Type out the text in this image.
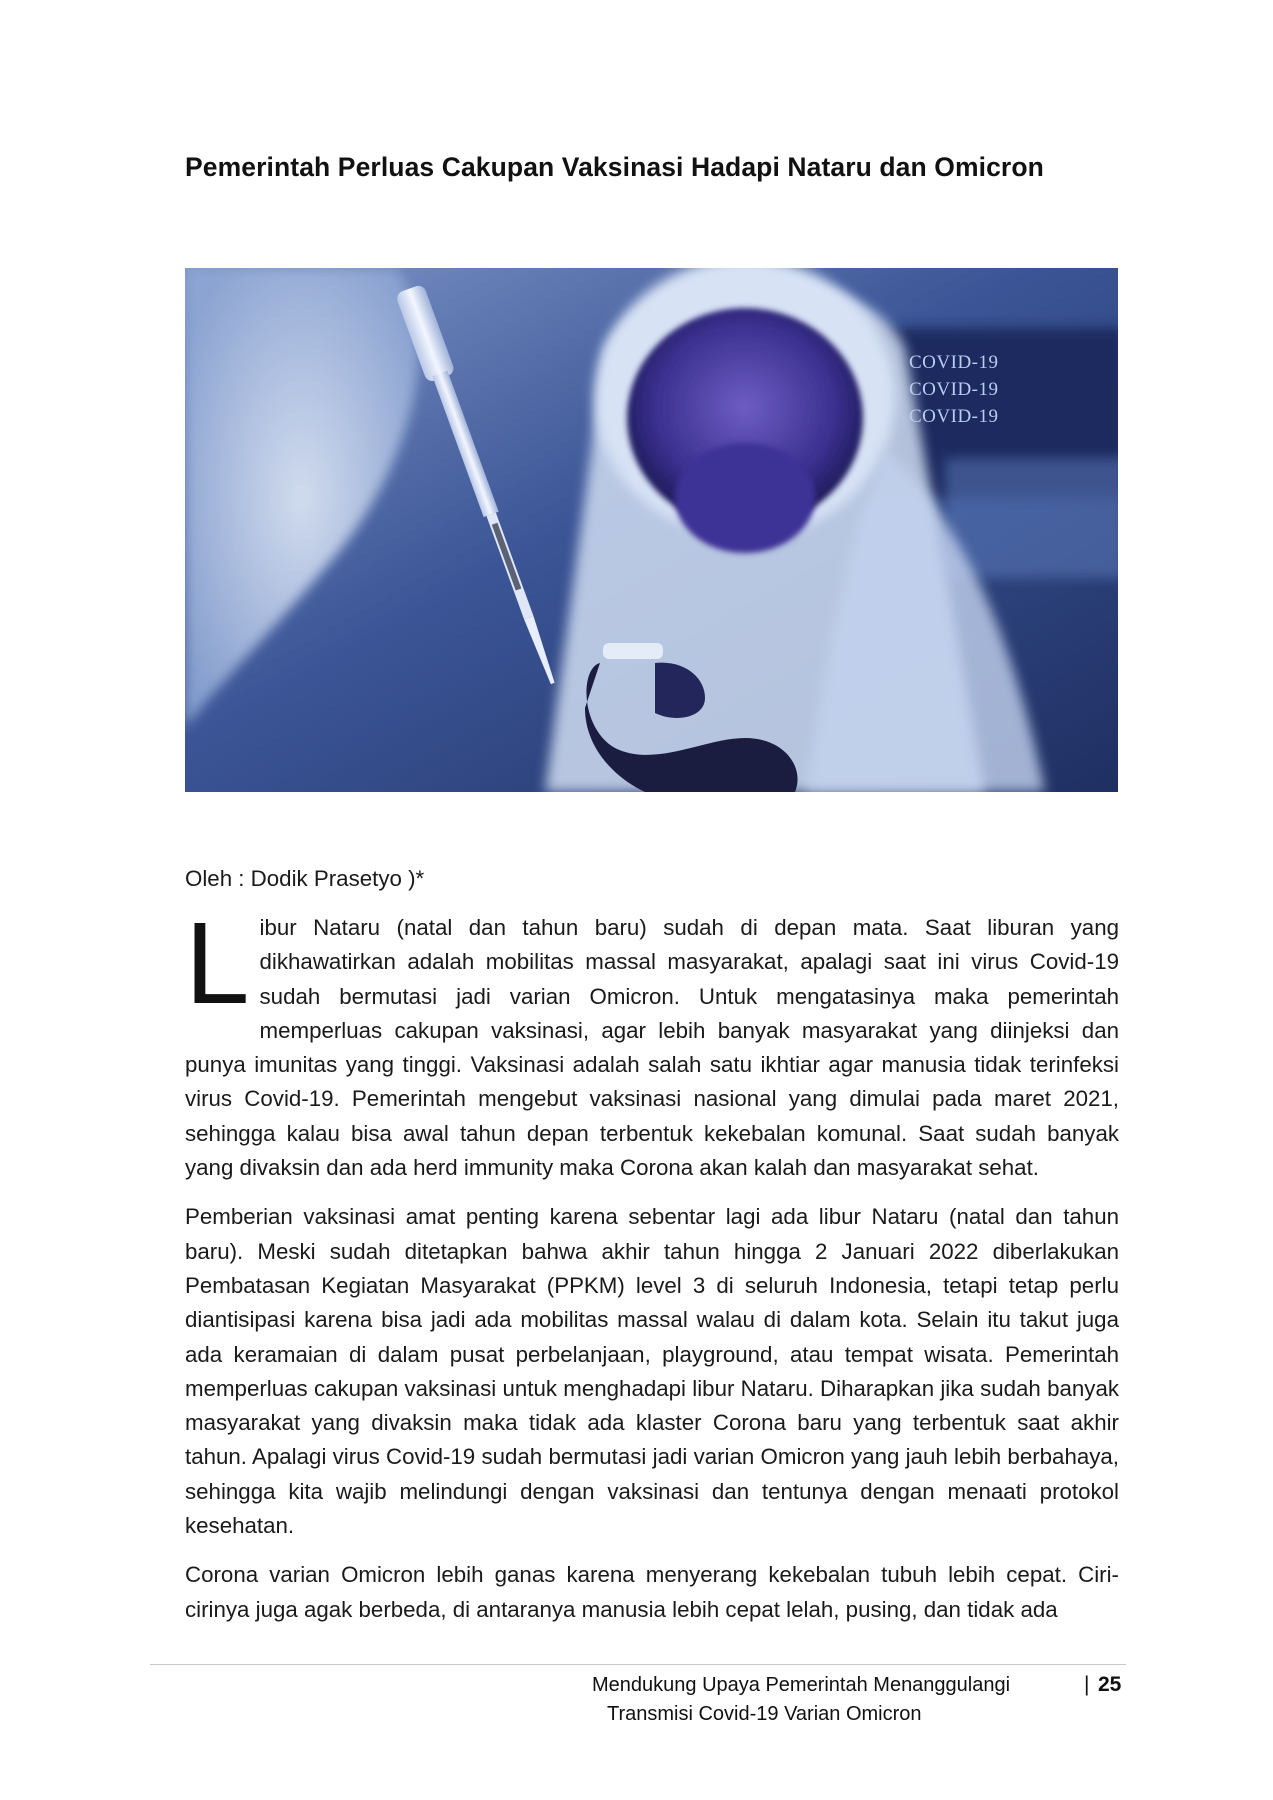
Pemerintah Perluas Cakupan Vaksinasi Hadapi Nataru dan Omicron
COVID-19
COVID-19
COVID-19
Oleh : Dodik Prasetyo )*

Libur Nataru (natal dan tahun baru) sudah di depan mata. Saat liburan yang dikhawatirkan adalah mobilitas massal masyarakat, apalagi saat ini virus Covid-19 sudah bermutasi jadi varian Omicron. Untuk mengatasinya maka pemerintah memperluas cakupan vaksinasi, agar lebih banyak masyarakat yang diinjeksi dan punya imunitas yang tinggi. Vaksinasi adalah salah satu ikhtiar agar manusia tidak terinfeksi virus Covid-19. Pemerintah mengebut vaksinasi nasional yang dimulai pada maret 2021, sehingga kalau bisa awal tahun depan terbentuk kekebalan komunal. Saat sudah banyak yang divaksin dan ada herd immunity maka Corona akan kalah dan masyarakat sehat.

Pemberian vaksinasi amat penting karena sebentar lagi ada libur Nataru (natal dan tahun baru). Meski sudah ditetapkan bahwa akhir tahun hingga 2 Januari 2022 diberlakukan Pembatasan Kegiatan Masyarakat (PPKM) level 3 di seluruh Indonesia, tetapi tetap perlu diantisipasi karena bisa jadi ada mobilitas massal walau di dalam kota. Selain itu takut juga ada keramaian di dalam pusat perbelanjaan, playground, atau tempat wisata. Pemerintah memperluas cakupan vaksinasi untuk menghadapi libur Nataru. Diharapkan jika sudah banyak masyarakat yang divaksin maka tidak ada klaster Corona baru yang terbentuk saat akhir tahun. Apalagi virus Covid-19 sudah bermutasi jadi varian Omicron yang jauh lebih berbahaya, sehingga kita wajib melindungi dengan vaksinasi dan tentunya dengan menaati protokol kesehatan.

Corona varian Omicron lebih ganas karena menyerang kekebalan tubuh lebih cepat. Ciri-cirinya juga agak berbeda, di antaranya manusia lebih cepat lelah, pusing, dan tidak ada

Mendukung Upaya Pemerintah Menanggulangi
Transmisi Covid-19 Varian Omicron
| 25
